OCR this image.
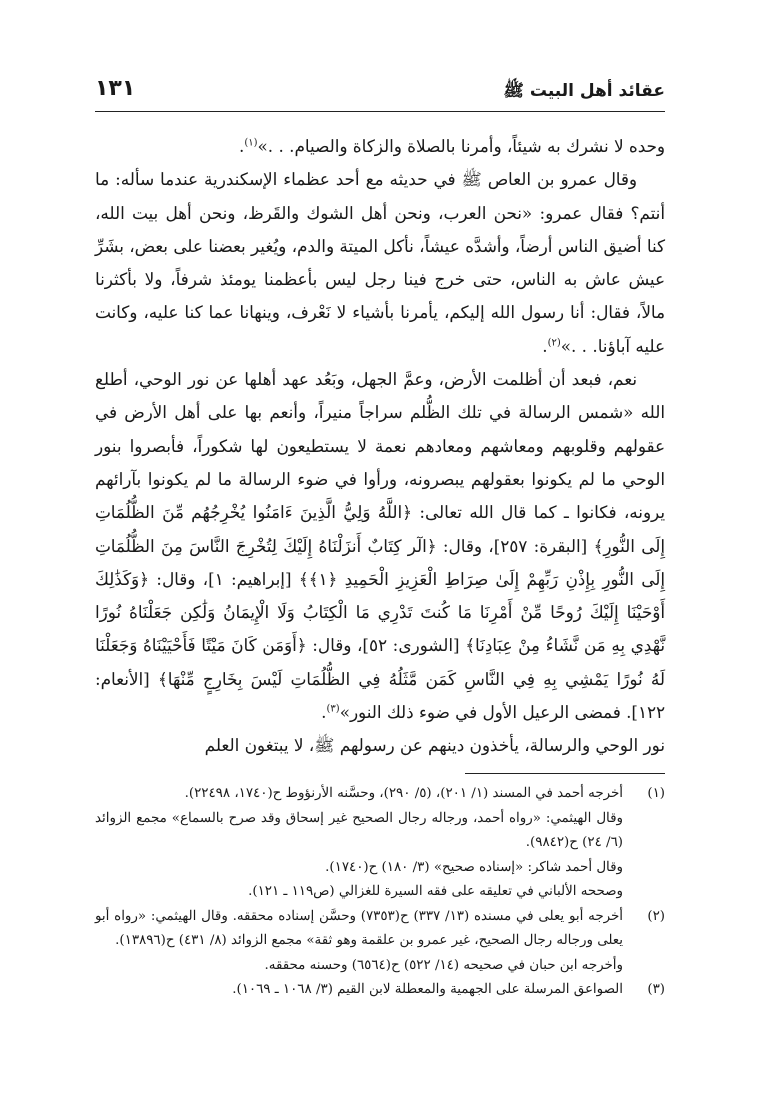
عقائد أهل البيت ﷺ
١٣١

وحده لا نشرك به شيئاً، وأمرنا بالصلاة والزكاة والصيام. . .»$^{(١)}$.

وقال عمرو بن العاص ﷺ في حديثه مع أحد عظماء الإسكندرية عندما سأله: ما أنتم؟ فقال عمرو: «نحن العرب، ونحن أهل الشوك والقَرظ، ونحن أهل بيت الله، كنا أضيق الناس أرضاً، وأشدَّه عيشاً، نأكل الميتة والدم، ويُغير بعضنا على بعض، بشَرِّ عيش عاش به الناس، حتى خرج فينا رجل ليس بأعظمنا يومئذ شرفاً، ولا بأكثرنا مالاً، فقال: أنا رسول الله إليكم، يأمرنا بأشياء لا نَعْرف، وينهانا عما كنا عليه، وكانت عليه آباؤنا. . .»$^{(٢)}$.

نعم، فبعد أن أظلمت الأرض، وعمَّ الجهل، وبَعُد عهد أهلها عن نور الوحي، أطلع الله «شمس الرسالة في تلك الظُّلم سراجاً منيراً، وأنعم بها على أهل الأرض في عقولهم وقلوبهم ومعاشهم ومعادهم نعمة لا يستطيعون لها شكوراً، فأبصروا بنور الوحي ما لم يكونوا بعقولهم يبصرونه، ورأوا في ضوء الرسالة ما لم يكونوا بآرائهم يرونه، فكانوا ـ كما قال الله تعالى: ﴿اللَّهُ وَلِيُّ الَّذِينَ ءَامَنُوا يُخْرِجُهُم مِّنَ الظُّلُمَاتِ إِلَى النُّورِ﴾ [البقرة: ٢٥٧]، وقال: ﴿الٓر كِتَابٌ أَنزَلْنَاهُ إِلَيْكَ لِتُخْرِجَ النَّاسَ مِنَ الظُّلُمَاتِ إِلَى النُّورِ بِإِذْنِ رَبِّهِمْ إِلَىٰ صِرَاطِ الْعَزِيزِ الْحَمِيدِ ﴿١﴾﴾ [إبراهيم: ١]، وقال: ﴿وَكَذَٰلِكَ أَوْحَيْنَا إِلَيْكَ رُوحًا مِّنْ أَمْرِنَا مَا كُنتَ تَدْرِي مَا الْكِتَابُ وَلَا الْإِيمَانُ وَلَٰكِن جَعَلْنَاهُ نُورًا نَّهْدِي بِهِ مَن نَّشَاءُ مِنْ عِبَادِنَا﴾ [الشورى: ٥٢]، وقال: ﴿أَوَمَن كَانَ مَيْتًا فَأَحْيَيْنَاهُ وَجَعَلْنَا لَهُ نُورًا يَمْشِي بِهِ فِي النَّاسِ كَمَن مَّثَلُهُ فِي الظُّلُمَاتِ لَيْسَ بِخَارِجٍ مِّنْهَا﴾ [الأنعام: ١٢٢]. فمضى الرعيل الأول في ضوء ذلك النور»$^{(٣)}$.

نور الوحي والرسالة، يأخذون دينهم عن رسولهم ﷺ، لا يبتغون العلم

(١)

أخرجه أحمد في المسند (١/ ٢٠١)، (٥/ ٢٩٠)، وحسَّنه الأرنؤوط ح(١٧٤٠، ٢٢٤٩٨).

وقال الهيثمي: «رواه أحمد، ورجاله رجال الصحيح غير إسحاق وقد صرح بالسماع» مجمع الزوائد (٦/ ٢٤) ح(٩٨٤٢).

وقال أحمد شاكر: «إسناده صحيح» (٣/ ١٨٠) ح(١٧٤٠).

وصححه الألباني في تعليقه على فقه السيرة للغزالي (ص١١٩ ـ ١٢١).

(٢)

أخرجه أبو يعلى في مسنده (١٣/ ٣٣٧) ح(٧٣٥٣) وحسَّن إسناده محققه. وقال الهيثمي: «رواه أبو يعلى ورجاله رجال الصحيح، غير عمرو بن علقمة وهو ثقة» مجمع الزوائد (٨/ ٤٣١) ح(١٣٨٩٦).

وأخرجه ابن حبان في صحيحه (١٤/ ٥٢٢) ح(٦٥٦٤) وحسنه محققه.

(٣)

الصواعق المرسلة على الجهمية والمعطلة لابن القيم (٣/ ١٠٦٨ ـ ١٠٦٩).
